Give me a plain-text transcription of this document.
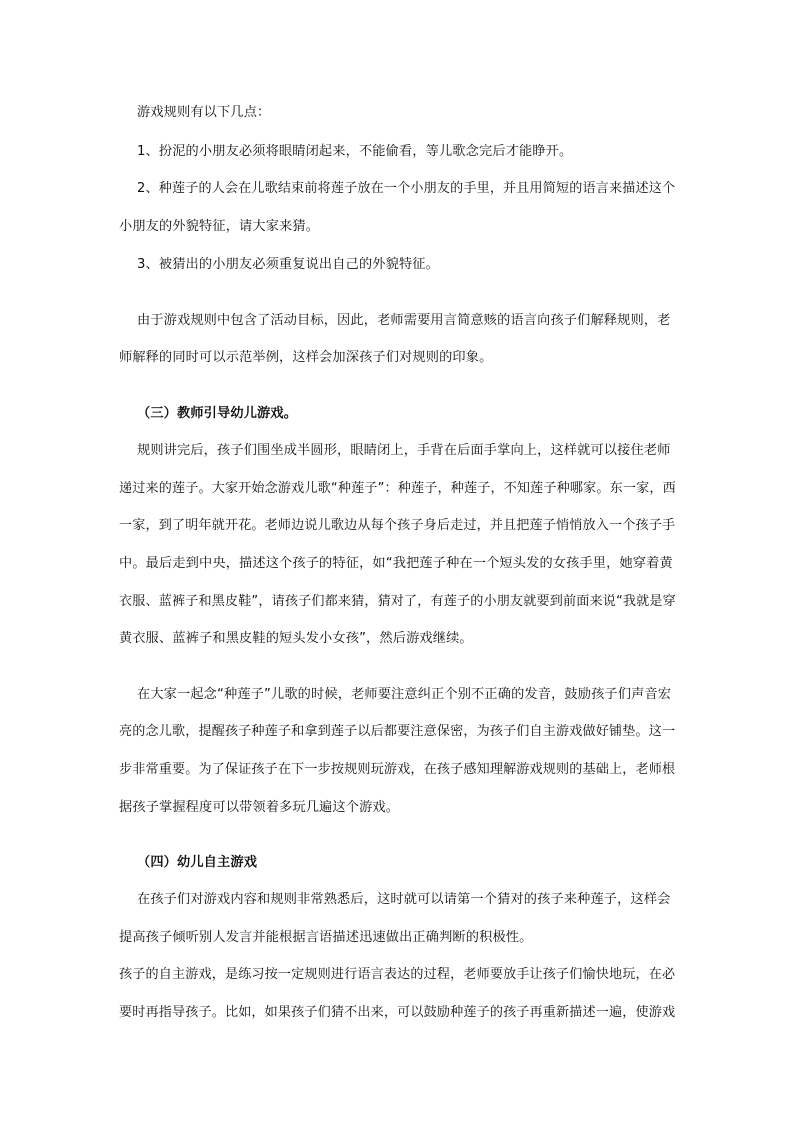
游戏规则有以下几点：
1、扮泥的小朋友必须将眼睛闭起来，不能偷看，等儿歌念完后才能睁开。
2、种莲子的人会在儿歌结束前将莲子放在一个小朋友的手里，并且用简短的语言来描述这个
小朋友的外貌特征，请大家来猜。
3、被猜出的小朋友必须重复说出自己的外貌特征。
由于游戏规则中包含了活动目标，因此，老师需要用言简意赅的语言向孩子们解释规则，老
师解释的同时可以示范举例，这样会加深孩子们对规则的印象。
（三）教师引导幼儿游戏。
规则讲完后，孩子们围坐成半圆形，眼睛闭上，手背在后面手掌向上，这样就可以接住老师
递过来的莲子。大家开始念游戏儿歌“种莲子”：种莲子，种莲子，不知莲子种哪家。东一家，西
一家，到了明年就开花。老师边说儿歌边从每个孩子身后走过，并且把莲子悄悄放入一个孩子手
中。最后走到中央，描述这个孩子的特征，如“我把莲子种在一个短头发的女孩手里，她穿着黄
衣服、蓝裤子和黑皮鞋”，请孩子们都来猜，猜对了，有莲子的小朋友就要到前面来说“我就是穿
黄衣服、蓝裤子和黑皮鞋的短头发小女孩”，然后游戏继续。
在大家一起念“种莲子”儿歌的时候，老师要注意纠正个别不正确的发音，鼓励孩子们声音宏
亮的念儿歌，提醒孩子种莲子和拿到莲子以后都要注意保密，为孩子们自主游戏做好铺垫。这一
步非常重要。为了保证孩子在下一步按规则玩游戏，在孩子感知理解游戏规则的基础上，老师根
据孩子掌握程度可以带领着多玩几遍这个游戏。
（四）幼儿自主游戏
在孩子们对游戏内容和规则非常熟悉后，这时就可以请第一个猜对的孩子来种莲子，这样会
提高孩子倾听别人发言并能根据言语描述迅速做出正确判断的积极性。
孩子的自主游戏，是练习按一定规则进行语言表达的过程，老师要放手让孩子们愉快地玩，在必
要时再指导孩子。比如，如果孩子们猜不出来，可以鼓励种莲子的孩子再重新描述一遍，使游戏
